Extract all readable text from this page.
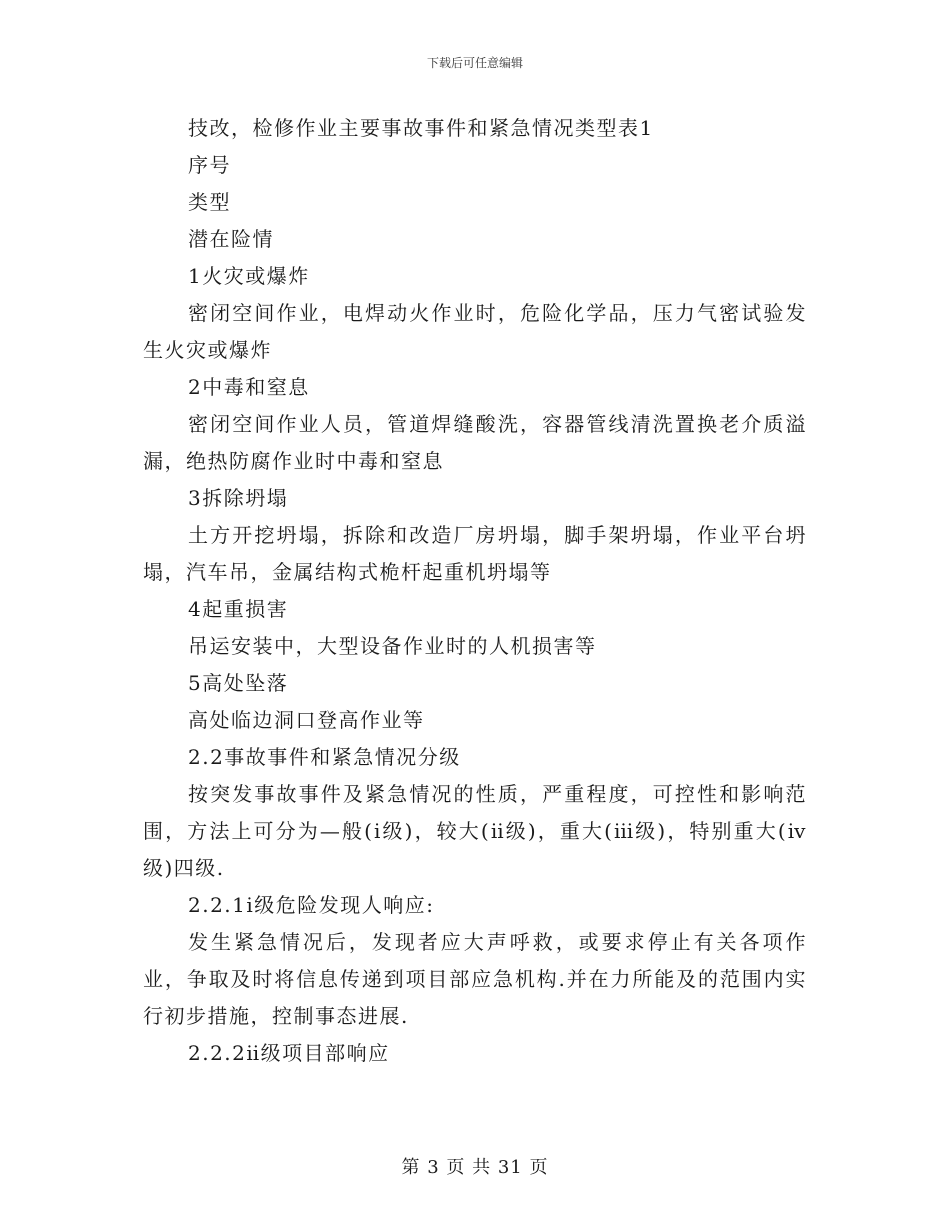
下载后可任意编辑

技改，检修作业主要事故事件和紧急情况类型表1

序号

类型

潜在险情

1火灾或爆炸

密闭空间作业，电焊动火作业时，危险化学品，压力气密试验发生火灾或爆炸

2中毒和窒息

密闭空间作业人员，管道焊缝酸洗，容器管线清洗置换老介质溢漏，绝热防腐作业时中毒和窒息

3拆除坍塌

土方开挖坍塌，拆除和改造厂房坍塌，脚手架坍塌，作业平台坍塌，汽车吊，金属结构式桅杆起重机坍塌等

4起重损害

吊运安装中，大型设备作业时的人机损害等

5高处坠落

高处临边洞口登高作业等

2.2事故事件和紧急情况分级

按突发事故事件及紧急情况的性质，严重程度，可控性和影响范围，方法上可分为—般(ⅰ级)，较大(ⅱ级)，重大(ⅲ级)，特别重大(ⅳ级)四级.

2.2.1ⅰ级危险发现人响应:

发生紧急情况后，发现者应大声呼救，或要求停止有关各项作业，争取及时将信息传递到项目部应急机构.并在力所能及的范围内实行初步措施，控制事态进展.

2.2.2ⅱ级项目部响应

第 3 页 共 31 页
